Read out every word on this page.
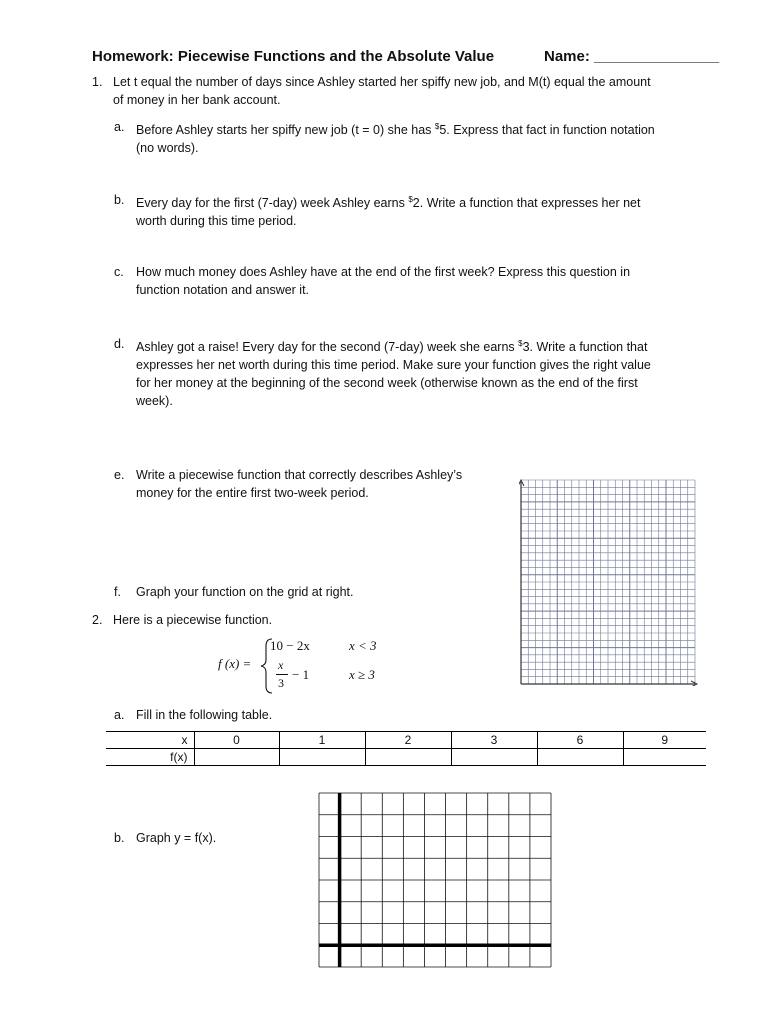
Homework: Piecewise Functions and the Absolute Value	Name: _______________
1. Let t equal the number of days since Ashley started her spiffy new job, and M(t) equal the amount
of money in her bank account.
a. Before Ashley starts her spiffy new job (t = 0) she has $5. Express that fact in function notation
(no words).
b. Every day for the first (7-day) week Ashley earns $2. Write a function that expresses her net
worth during this time period.
c. How much money does Ashley have at the end of the first week? Express this question in
function notation and answer it.
d. Ashley got a raise! Every day for the second (7-day) week she earns $3. Write a function that
expresses her net worth during this time period. Make sure your function gives the right value
for her money at the beginning of the second week (otherwise known as the end of the first
week).
e. Write a piecewise function that correctly describes Ashley’s
money for the entire first two-week period.
f. Graph your function on the grid at right.
2. Here is a piecewise function.
f (x) =
10 − 2x	x < 3
x
3
− 1	x ≥ 3
a. Fill in the following table.
x	0	1	2	3	6	9
f(x)						
b. Graph y = f(x).
